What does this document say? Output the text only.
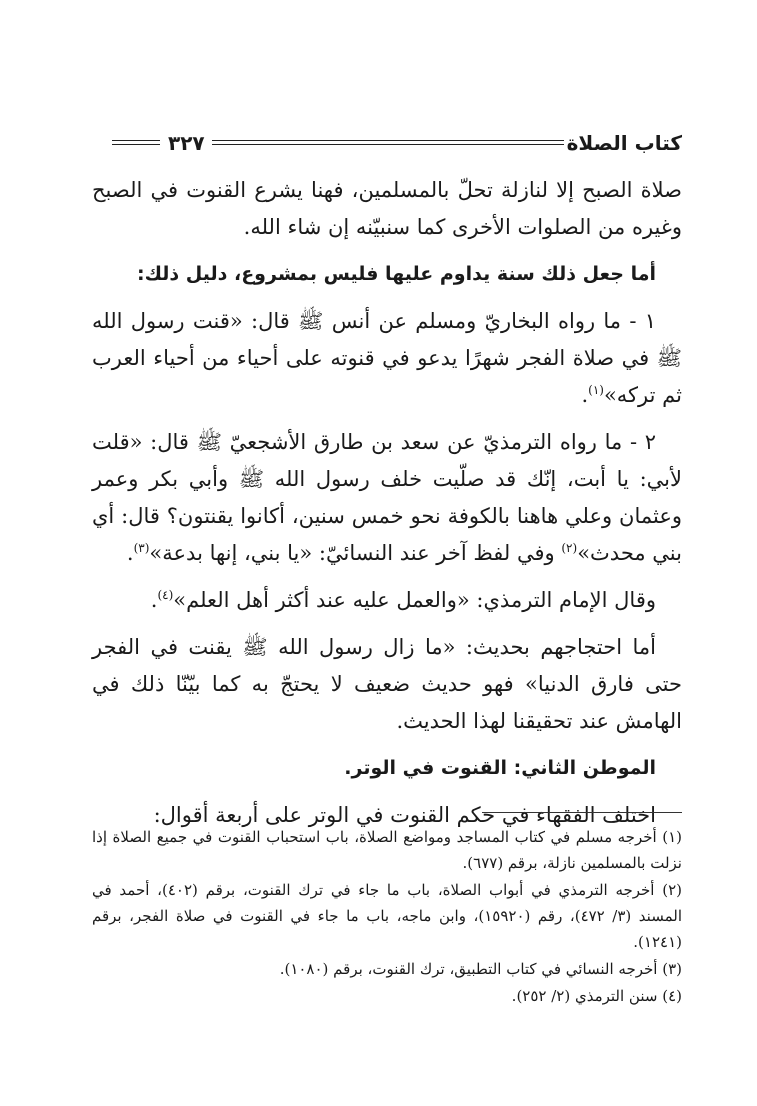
كتاب الصلاة
٣٢٧

صلاة الصبح إلا لنازلة تحلّ بالمسلمين، فهنا يشرع القنوت في الصبح وغيره من الصلوات الأخرى كما سنبيّنه إن شاء الله.

أما جعل ذلك سنة يداوم عليها فليس بمشروع، دليل ذلك:

١ - ما رواه البخاريّ ومسلم عن أنس ﷺ قال: «قنت رسول الله ﷺ في صلاة الفجر شهرًا يدعو في قنوته على أحياء من أحياء العرب ثم تركه»$^{(١)}$.

٢ - ما رواه الترمذيّ عن سعد بن طارق الأشجعيّ ﷺ قال: «قلت لأبي: يا أبت، إنّك قد صلّيت خلف رسول الله ﷺ وأبي بكر وعمر وعثمان وعلي هاهنا بالكوفة نحو خمس سنين، أكانوا يقنتون؟ قال: أي بني محدث»$^{(٢)}$ وفي لفظ آخر عند النسائيّ: «يا بني، إنها بدعة»$^{(٣)}$.

وقال الإمام الترمذي: «والعمل عليه عند أكثر أهل العلم»$^{(٤)}$.

أما احتجاجهم بحديث: «ما زال رسول الله ﷺ يقنت في الفجر حتى فارق الدنيا» فهو حديث ضعيف لا يحتجّ به كما بيّنّا ذلك في الهامش عند تحقيقنا لهذا الحديث.

الموطن الثاني: القنوت في الوتر.

اختلف الفقهاء في حكم القنوت في الوتر على أربعة أقوال:

(١) أخرجه مسلم في كتاب المساجد ومواضع الصلاة، باب استحباب القنوت في جميع الصلاة إذا نزلت بالمسلمين نازلة، برقم (٦٧٧).

(٢) أخرجه الترمذي في أبواب الصلاة، باب ما جاء في ترك القنوت، برقم (٤٠٢)، أحمد في المسند (٣/ ٤٧٢)، رقم (١٥٩٢٠)، وابن ماجه، باب ما جاء في القنوت في صلاة الفجر، برقم (١٢٤١).

(٣) أخرجه النسائي في كتاب التطبيق، ترك القنوت، برقم (١٠٨٠).

(٤) سنن الترمذي (٢/ ٢٥٢).
